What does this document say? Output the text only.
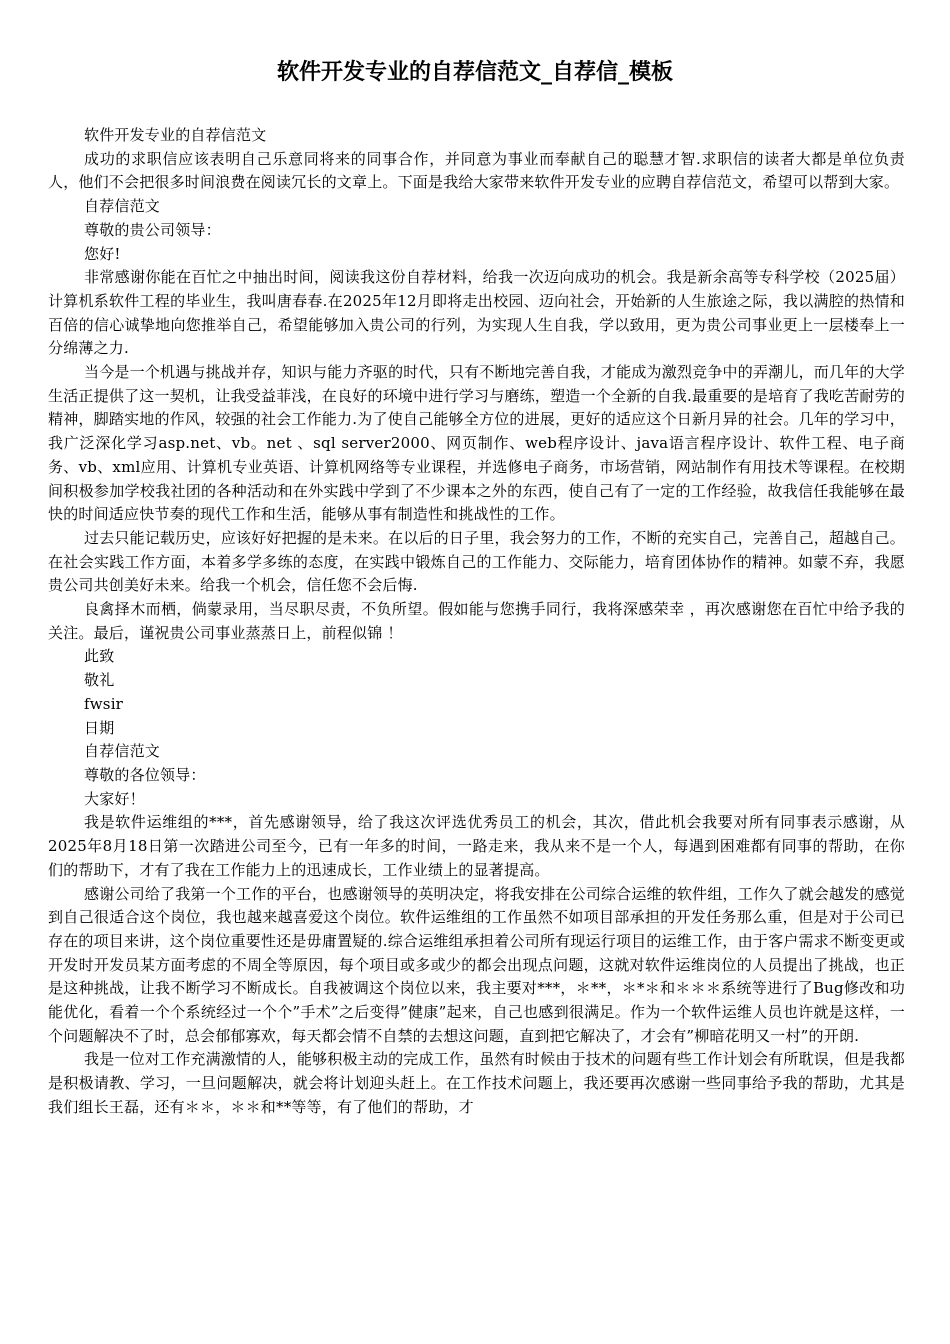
软件开发专业的自荐信范文_自荐信_模板

软件开发专业的自荐信范文

成功的求职信应该表明自己乐意同将来的同事合作，并同意为事业而奉献自己的聪慧才智.求职信的读者大都是单位负责人，他们不会把很多时间浪费在阅读冗长的文章上。下面是我给大家带来软件开发专业的应聘自荐信范文，希望可以帮到大家。

自荐信范文

尊敬的贵公司领导：

您好!

非常感谢你能在百忙之中抽出时间，阅读我这份自荐材料，给我一次迈向成功的机会。我是新余高等专科学校（2025届）计算机系软件工程的毕业生，我叫唐春春.在2025年12月即将走出校园、迈向社会，开始新的人生旅途之际，我以满腔的热情和百倍的信心诚挚地向您推举自己，希望能够加入贵公司的行列，为实现人生自我，学以致用，更为贵公司事业更上一层楼奉上一分绵薄之力.

当今是一个机遇与挑战并存，知识与能力齐驱的时代，只有不断地完善自我，才能成为激烈竞争中的弄潮儿，而几年的大学生活正提供了这一契机，让我受益菲浅，在良好的环境中进行学习与磨练，塑造一个全新的自我.最重要的是培育了我吃苦耐劳的精神，脚踏实地的作风，较强的社会工作能力.为了使自己能够全方位的进展，更好的适应这个日新月异的社会。几年的学习中，我广泛深化学习asp.net、vb。net 、sql server2000、网页制作、web程序设计、java语言程序设计、软件工程、电子商务、vb、xml应用、计算机专业英语、计算机网络等专业课程，并选修电子商务，市场营销，网站制作有用技术等课程。在校期间积极参加学校我社团的各种活动和在外实践中学到了不少课本之外的东西，使自己有了一定的工作经验，故我信任我能够在最快的时间适应快节奏的现代工作和生活，能够从事有制造性和挑战性的工作。

过去只能记载历史，应该好好把握的是未来。在以后的日子里，我会努力的工作，不断的充实自己，完善自己，超越自己。在社会实践工作方面，本着多学多练的态度，在实践中锻炼自己的工作能力、交际能力，培育团体协作的精神。如蒙不弃，我愿贵公司共创美好未来。给我一个机会，信任您不会后悔.

良禽择木而栖，倘蒙录用，当尽职尽责，不负所望。假如能与您携手同行，我将深感荣幸 ，再次感谢您在百忙中给予我的关注。最后，谨祝贵公司事业蒸蒸日上，前程似锦 ！

此致

敬礼

fwsir

日期

自荐信范文

尊敬的各位领导：

大家好！

我是软件运维组的***，首先感谢领导，给了我这次评选优秀员工的机会，其次，借此机会我要对所有同事表示感谢，从2025年8月18日第一次踏进公司至今，已有一年多的时间，一路走来，我从来不是一个人，每遇到困难都有同事的帮助，在你们的帮助下，才有了我在工作能力上的迅速成长，工作业绩上的显著提高。

感谢公司给了我第一个工作的平台，也感谢领导的英明决定，将我安排在公司综合运维的软件组，工作久了就会越发的感觉到自己很适合这个岗位，我也越来越喜爱这个岗位。软件运维组的工作虽然不如项目部承担的开发任务那么重，但是对于公司已存在的项目来讲，这个岗位重要性还是毋庸置疑的.综合运维组承担着公司所有现运行项目的运维工作，由于客户需求不断变更或开发时开发员某方面考虑的不周全等原因，每个项目或多或少的都会出现点问题，这就对软件运维岗位的人员提出了挑战，也正是这种挑战，让我不断学习不断成长。自我被调这个岗位以来，我主要对***，＊**，＊*＊和＊＊＊系统等进行了Bug修改和功能优化，看着一个个系统经过一个个”手术”之后变得”健康”起来，自己也感到很满足。作为一个软件运维人员也许就是这样，一个问题解决不了时，总会郁郁寡欢，每天都会情不自禁的去想这问题，直到把它解决了，才会有”柳暗花明又一村”的开朗.

我是一位对工作充满激情的人，能够积极主动的完成工作，虽然有时候由于技术的问题有些工作计划会有所耽误，但是我都是积极请教、学习，一旦问题解决，就会将计划迎头赶上。在工作技术问题上，我还要再次感谢一些同事给予我的帮助，尤其是我们组长王磊，还有＊＊，＊＊和**等等，有了他们的帮助，才
